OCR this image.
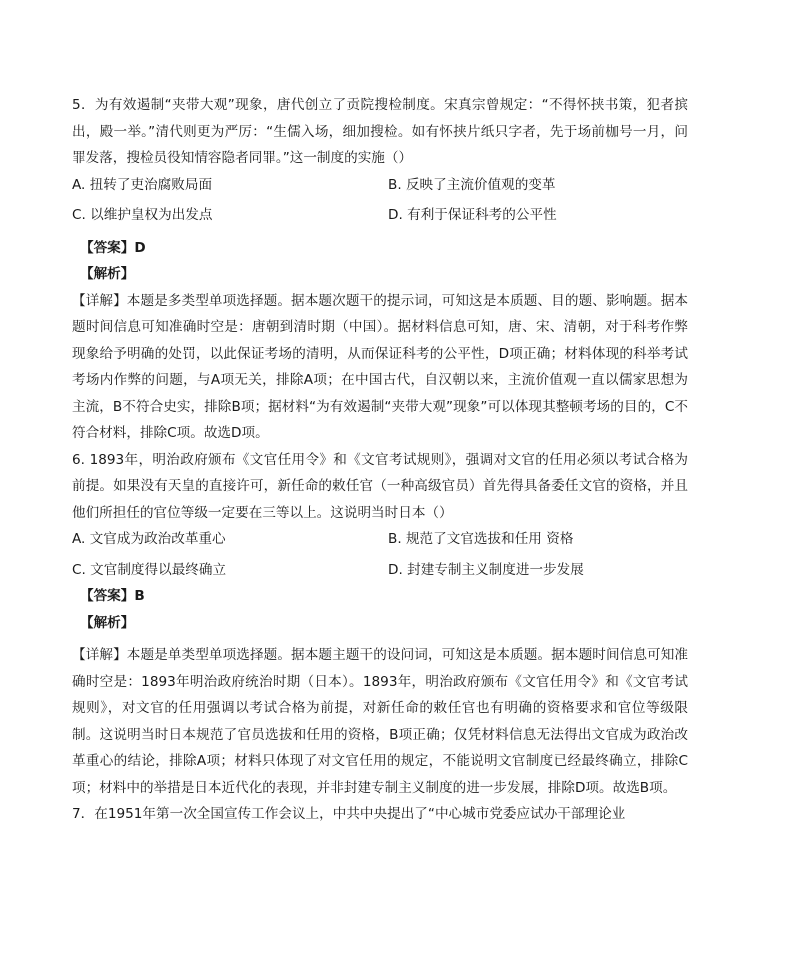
5．为有效遏制“夹带大观”现象，唐代创立了贡院搜检制度。宋真宗曾规定：“不得怀挟书策，犯者摈出，殿一举。”清代则更为严厉：“生儒入场，细加搜检。如有怀挟片纸只字者，先于场前枷号一月，问罪发落，搜检员役知情容隐者同罪。”这一制度的实施（）

A. 扭转了吏治腐败局面	B. 反映了主流价值观的变革
C. 以维护皇权为出发点	D. 有利于保证科考的公平性

【答案】D

【解析】

【详解】本题是多类型单项选择题。据本题次题干的提示词，可知这是本质题、目的题、影响题。据本题时间信息可知准确时空是：唐朝到清时期（中国）。据材料信息可知，唐、宋、清朝，对于科考作弊现象给予明确的处罚，以此保证考场的清明，从而保证科考的公平性，D项正确；材料体现的科举考试考场内作弊的问题，与A项无关，排除A项；在中国古代，自汉朝以来，主流价值观一直以儒家思想为主流，B不符合史实，排除B项；据材料“为有效遏制“夹带大观”现象”可以体现其整顿考场的目的，C不符合材料，排除C项。故选D项。

6. 1893年，明治政府颁布《文官任用令》和《文官考试规则》，强调对文官的任用必须以考试合格为前提。如果没有天皇的直接许可，新任命的敕任官（一种高级官员）首先得具备委任文官的资格，并且他们所担任的官位等级一定要在三等以上。这说明当时日本（）

A. 文官成为政治改革重心	B. 规范了文官选拔和任用 资格
C. 文官制度得以最终确立	D. 封建专制主义制度进一步发展

【答案】B

【解析】

【详解】本题是单类型单项选择题。据本题主题干的设问词，可知这是本质题。据本题时间信息可知准确时空是：1893年明治政府统治时期（日本）。1893年，明治政府颁布《文官任用令》和《文官考试规则》，对文官的任用强调以考试合格为前提，对新任命的敕任官也有明确的资格要求和官位等级限制。这说明当时日本规范了官员选拔和任用的资格，B项正确；仅凭材料信息无法得出文官成为政治改革重心的结论，排除A项；材料只体现了对文官任用的规定，不能说明文官制度已经最终确立，排除C项；材料中的举措是日本近代化的表现，并非封建专制主义制度的进一步发展，排除D项。故选B项。

7．在1951年第一次全国宣传工作会议上，中共中央提出了“中心城市党委应试办干部理论业
